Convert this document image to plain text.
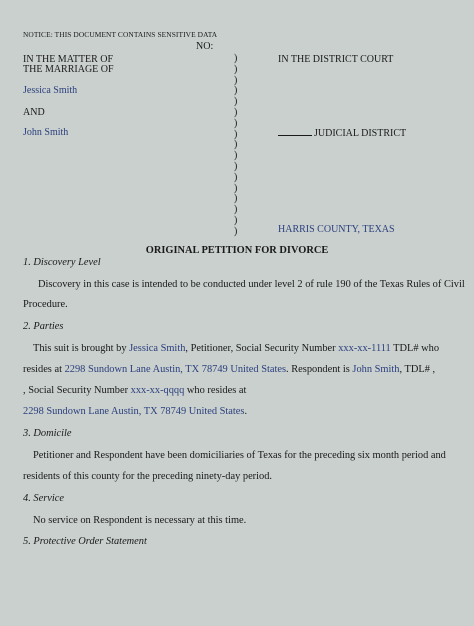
NOTICE: THIS DOCUMENT CONTAINS SENSITIVE DATA
NO:
IN THE MATTER OF
THE MARRIAGE OF
Jessica Smith
AND
John Smith
)
)
)
)
)
)
)
)
)
)
)
)
)
)
)
)
)
IN THE DISTRICT COURT
JUDICIAL DISTRICT
HARRIS COUNTY, TEXAS
ORIGINAL PETITION FOR DIVORCE
1. Discovery Level
Discovery in this case is intended to be conducted under level 2 of rule 190 of the Texas Rules of Civil
Procedure.
2. Parties
This suit is brought by Jessica Smith, Petitioner, Social Security Number xxx-xx-1111 TDL# who
resides at 2298 Sundown Lane Austin, TX 78749 United States. Respondent is John Smith, TDL# ,
, Social Security Number xxx-xx-qqqq who resides at
2298 Sundown Lane Austin, TX 78749 United States.
3. Domicile
Petitioner and Respondent have been domiciliaries of Texas for the preceding six month period and
residents of this county for the preceding ninety-day period.
4. Service
No service on Respondent is necessary at this time.
5. Protective Order Statement
